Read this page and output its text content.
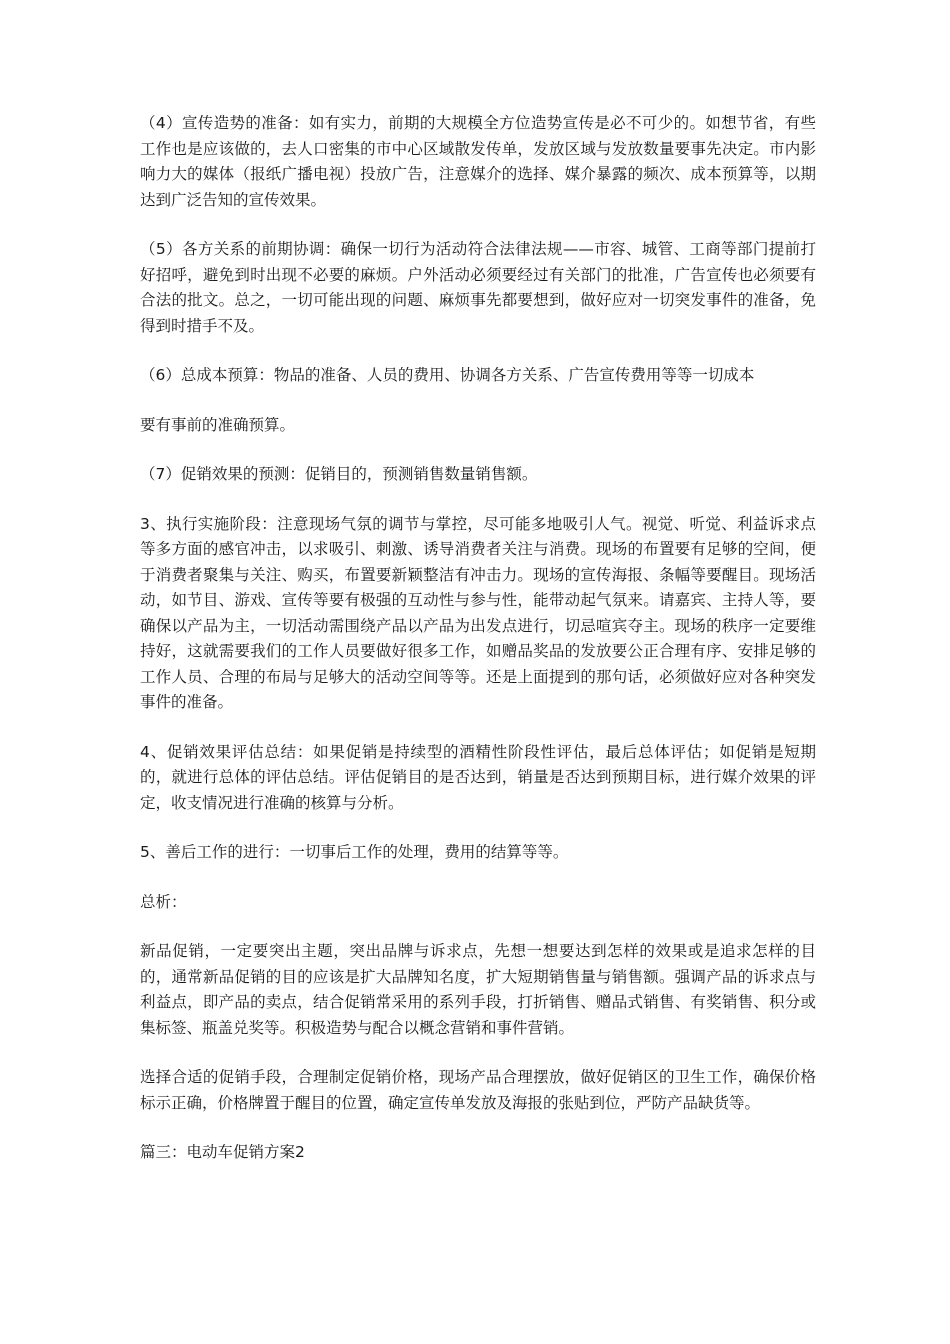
（4）宣传造势的准备：如有实力，前期的大规模全方位造势宣传是必不可少的。如想节省，有些工作也是应该做的，去人口密集的市中心区域散发传单，发放区域与发放数量要事先决定。市内影响力大的媒体（报纸广播电视）投放广告，注意媒介的选择、媒介暴露的频次、成本预算等，以期达到广泛告知的宣传效果。

（5）各方关系的前期协调：确保一切行为活动符合法律法规——市容、城管、工商等部门提前打好招呼，避免到时出现不必要的麻烦。户外活动必须要经过有关部门的批准，广告宣传也必须要有合法的批文。总之，一切可能出现的问题、麻烦事先都要想到，做好应对一切突发事件的准备，免得到时措手不及。

（6）总成本预算：物品的准备、人员的费用、协调各方关系、广告宣传费用等等一切成本

要有事前的准确预算。

（7）促销效果的预测：促销目的，预测销售数量销售额。

3、执行实施阶段：注意现场气氛的调节与掌控，尽可能多地吸引人气。视觉、听觉、利益诉求点等多方面的感官冲击，以求吸引、刺激、诱导消费者关注与消费。现场的布置要有足够的空间，便于消费者聚集与关注、购买，布置要新颖整洁有冲击力。现场的宣传海报、条幅等要醒目。现场活动，如节目、游戏、宣传等要有极强的互动性与参与性，能带动起气氛来。请嘉宾、主持人等，要确保以产品为主，一切活动需围绕产品以产品为出发点进行，切忌喧宾夺主。现场的秩序一定要维持好，这就需要我们的工作人员要做好很多工作，如赠品奖品的发放要公正合理有序、安排足够的工作人员、合理的布局与足够大的活动空间等等。还是上面提到的那句话，必须做好应对各种突发事件的准备。

4、促销效果评估总结：如果促销是持续型的酒精性阶段性评估，最后总体评估；如促销是短期的，就进行总体的评估总结。评估促销目的是否达到，销量是否达到预期目标，进行媒介效果的评定，收支情况进行准确的核算与分析。

5、善后工作的进行：一切事后工作的处理，费用的结算等等。

总析：

新品促销，一定要突出主题，突出品牌与诉求点，先想一想要达到怎样的效果或是追求怎样的目的，通常新品促销的目的应该是扩大品牌知名度，扩大短期销售量与销售额。强调产品的诉求点与利益点，即产品的卖点，结合促销常采用的系列手段，打折销售、赠品式销售、有奖销售、积分或集标签、瓶盖兑奖等。积极造势与配合以概念营销和事件营销。

选择合适的促销手段，合理制定促销价格，现场产品合理摆放，做好促销区的卫生工作，确保价格标示正确，价格牌置于醒目的位置，确定宣传单发放及海报的张贴到位，严防产品缺货等。

篇三：电动车促销方案2
